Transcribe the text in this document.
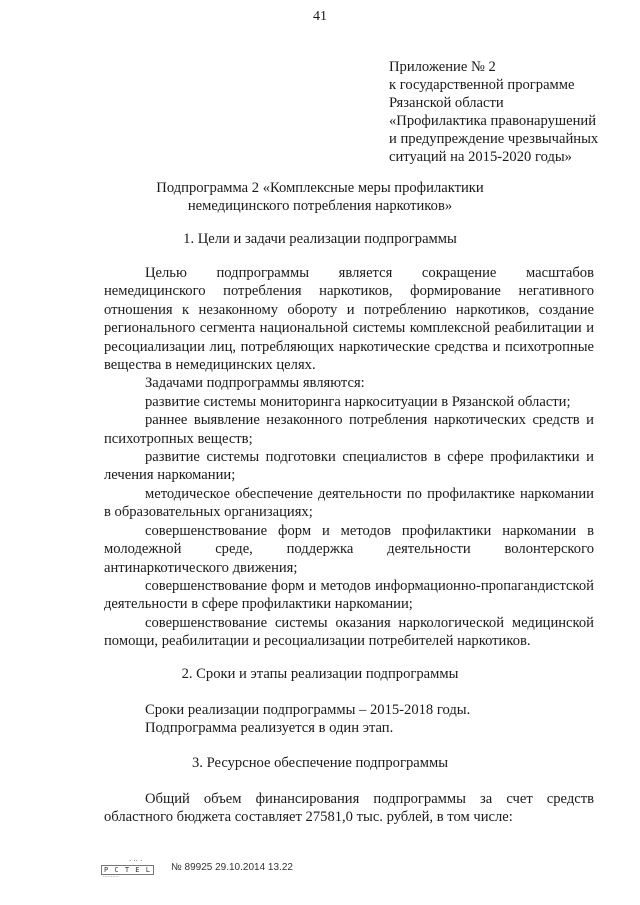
41
Приложение № 2
к государственной программе
Рязанской области
«Профилактика правонарушений
и предупреждение чрезвычайных
ситуаций на 2015-2020 годы»
Подпрограмма 2 «Комплексные меры профилактики
немедицинского потребления наркотиков»
1. Цели и задачи реализации подпрограммы

Целью подпрограммы является сокращение масштабов немедицинского потребления наркотиков, формирование негативного отношения к незаконному обороту и потреблению наркотиков, создание регионального сегмента национальной системы комплексной реабилитации и ресоциализации лиц, потребляющих наркотические средства и психотропные вещества в немедицинских целях.

Задачами подпрограммы являются:

развитие системы мониторинга наркоситуации в Рязанской области;

раннее выявление незаконного потребления наркотических средств и психотропных веществ;

развитие системы подготовки специалистов в сфере профилактики и лечения наркомании;

методическое обеспечение деятельности по профилактике наркомании в образовательных организациях;

совершенствование форм и методов профилактики наркомании в молодежной среде, поддержка деятельности волонтерского антинаркотического движения;

совершенствование форм и методов информационно-пропагандистской деятельности в сфере профилактики наркомании;

совершенствование системы оказания наркологической медицинской помощи, реабилитации и ресоциализации потребителей наркотиков.

2. Сроки и этапы реализации подпрограммы

Сроки реализации подпрограммы – 2015-2018 годы.

Подпрограмма реализуется в один этап.

3. Ресурсное обеспечение подпрограммы

Общий объем финансирования подпрограммы за счет средств областного бюджета составляет 27581,0 тыс. рублей, в том числе:

· ·· ·
P C T E L
··········
№ 89925 29.10.2014 13.22
